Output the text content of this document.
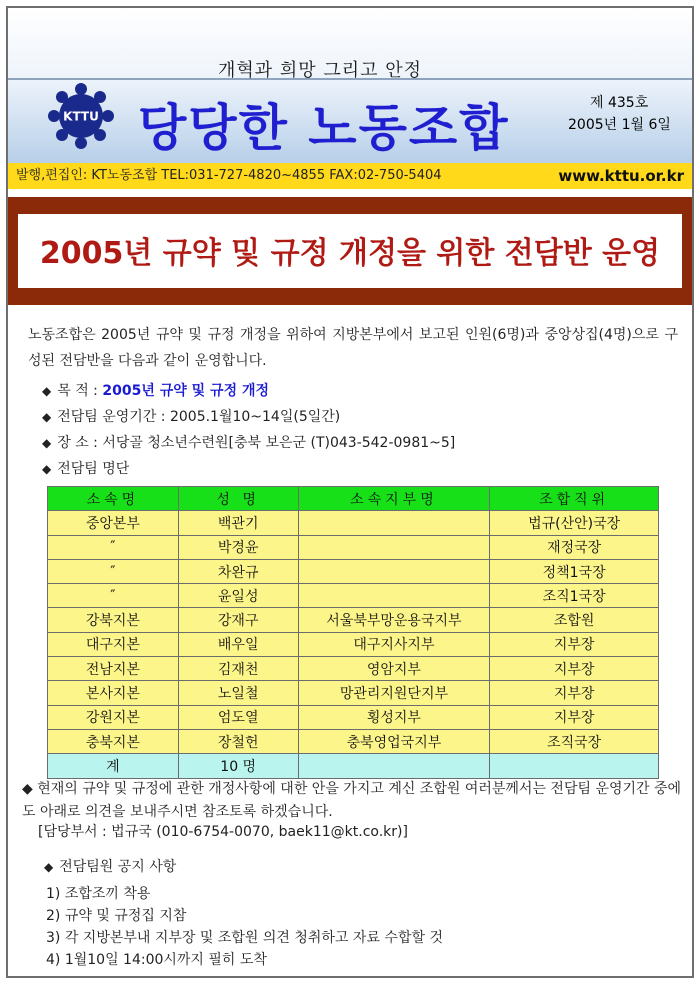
개혁과 희망 그리고 안정
KTTU 당당한 노동조합	제 435호
2005년 1월 6일
발행,편집인: KT노동조합 TEL:031-727-4820~4855 FAX:02-750-5404	www.kttu.or.kr
2005년 규약 및 규정 개정을 위한 전담반 운영
노동조합은 2005년 규약 및 규정 개정을 위하여 지방본부에서 보고된 인원(6명)과 중앙상집(4명)으로 구성된 전담반을 다음과 같이 운영합니다.
◆ 목 적 : 2005년 규약 및 규정 개정
◆ 전담팀 운영기간 : 2005.1월10~14일(5일간)
◆ 장 소 : 서당골 청소년수련원[충북 보은군 (T)043-542-0981~5]
◆ 전담팀 명단
소속명	성 명	소속지부명	조합직위
중앙본부	백관기		법규(산안)국장
″	박경윤		재정국장
″	차완규		정책1국장
″	윤일성		조직1국장
강북지본	강재구	서울북부망운용국지부	조합원
대구지본	배우일	대구지사지부	지부장
전남지본	김재천	영암지부	지부장
본사지본	노일철	망관리지원단지부	지부장
강원지본	엄도열	횡성지부	지부장
충북지본	장철헌	충북영업국지부	조직국장
계	10 명		
◆ 현재의 규약 및 규정에 관한 개정사항에 대한 안을 가지고 계신 조합원 여러분께서는 전담팀 운영기간 중에도 아래로 의견을 보내주시면 참조토록 하겠습니다.
[담당부서 : 법규국 (010-6754-0070, baek11@kt.co.kr)]
◆ 전담팀원 공지 사항
1) 조합조끼 착용
2) 규약 및 규정집 지참
3) 각 지방본부내 지부장 및 조합원 의견 청취하고 자료 수합할 것
4) 1월10일 14:00시까지 필히 도착
